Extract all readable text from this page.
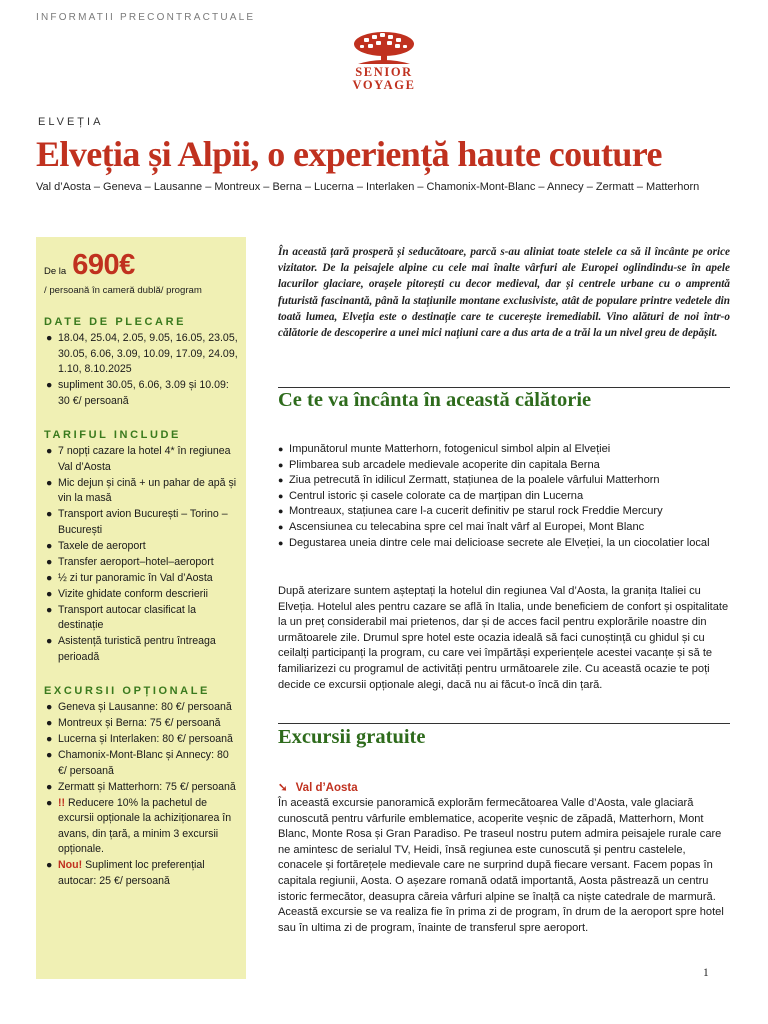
INFORMATII PRECONTRACTUALE
SENIOR
VOYAGE
ELVEȚIA
Elveția și Alpii, o experiență haute couture
Val d’Aosta – Geneva – Lausanne – Montreux – Berna – Lucerna – Interlaken – Chamonix-Mont-Blanc – Annecy – Zermatt – Matterhorn
De la 690€
/ persoană în cameră dublă/ program
DATE DE PLECARE
● 18.04, 25.04, 2.05, 9.05, 16.05, 23.05, 30.05, 6.06, 3.09, 10.09, 17.09, 24.09, 1.10, 8.10.2025
● supliment 30.05, 6.06, 3.09 și 10.09: 30 €/ persoană
TARIFUL INCLUDE
● 7 nopți cazare la hotel 4* în regiunea Val d’Aosta
● Mic dejun și cină + un pahar de apă și vin la masă
● Transport avion București – Torino – București
● Taxele de aeroport
● Transfer aeroport–hotel–aeroport
● ½ zi tur panoramic în Val d’Aosta
● Vizite ghidate conform descrierii
● Transport autocar clasificat la destinație
● Asistență turistică pentru întreaga perioadă
EXCURSII OPȚIONALE
● Geneva și Lausanne: 80 €/ persoană
● Montreux și Berna: 75 €/ persoană
● Lucerna și Interlaken: 80 €/ persoană
● Chamonix-Mont-Blanc și Annecy: 80 €/ persoană
● Zermatt și Matterhorn: 75 €/ persoană
● !! Reducere 10% la pachetul de excursii opționale la achiziționarea în avans, din țară, a minim 3 excursii opționale.
● Nou! Supliment loc preferențial autocar: 25 €/ persoană

În această țară prosperă și seducătoare, parcă s-au aliniat toate stelele ca să il încânte pe orice vizitator. De la peisajele alpine cu cele mai înalte vârfuri ale Europei oglindindu-se în apele lacurilor glaciare, orașele pitorești cu decor medieval, dar și centrele urbane cu o amprentă futuristă fascinantă, până la stațiunile montane exclusiviste, atât de populare printre vedetele din toată lumea, Elveția este o destinație care te cucerește iremediabil. Vino alături de noi într-o călătorie de descoperire a unei mici națiuni care a dus arta de a trăi la un nivel greu de depășit.

Ce te va încânta în această călătorie
● Impunătorul munte Matterhorn, fotogenicul simbol alpin al Elveției
● Plimbarea sub arcadele medievale acoperite din capitala Berna
● Ziua petrecută în idilicul Zermatt, stațiunea de la poalele vârfului Matterhorn
● Centrul istoric și casele colorate ca de marțipan din Lucerna
● Montreaux, stațiunea care l-a cucerit definitiv pe starul rock Freddie Mercury
● Ascensiunea cu telecabina spre cel mai înalt vârf al Europei, Mont Blanc
● Degustarea uneia dintre cele mai delicioase secrete ale Elveției, la un ciocolatier local

După aterizare suntem așteptați la hotelul din regiunea Val d’Aosta, la granița Italiei cu Elveția. Hotelul ales pentru cazare se află în Italia, unde beneficiem de confort și ospitalitate la un preț considerabil mai prietenos, dar și de acces facil pentru explorările noastre din următoarele zile. Drumul spre hotel este ocazia ideală să faci cunoștință cu ghidul și cu ceilalți participanți la program, cu care vei împărtăși experiențele acestei vacanțe și să te familiarizezi cu programul de activități pentru următoarele zile. Cu această ocazie te poți decide ce excursii opționale alegi, dacă nu ai făcut-o încă din țară.

Excursii gratuite
➘ Val d’Aosta

În această excursie panoramică explorăm fermecătoarea Valle d’Aosta, vale glaciară cunoscută pentru vârfurile emblematice, acoperite veșnic de zăpadă, Matterhorn, Mont Blanc, Monte Rosa și Gran Paradiso. Pe traseul nostru putem admira peisajele rurale care ne amintesc de serialul TV, Heidi, însă regiunea este cunoscută și pentru castelele, conacele și fortărețele medievale care ne surprind după fiecare versant. Facem popas în capitala regiunii, Aosta. O așezare romană odată importantă, Aosta păstrează un centru istoric fermecător, deasupra căreia vârfuri alpine se înalță ca niște catedrale de marmură. Această excursie se va realiza fie în prima zi de program, în drum de la aeroport spre hotel sau în ultima zi de program, înainte de transferul spre aeroport.

1
